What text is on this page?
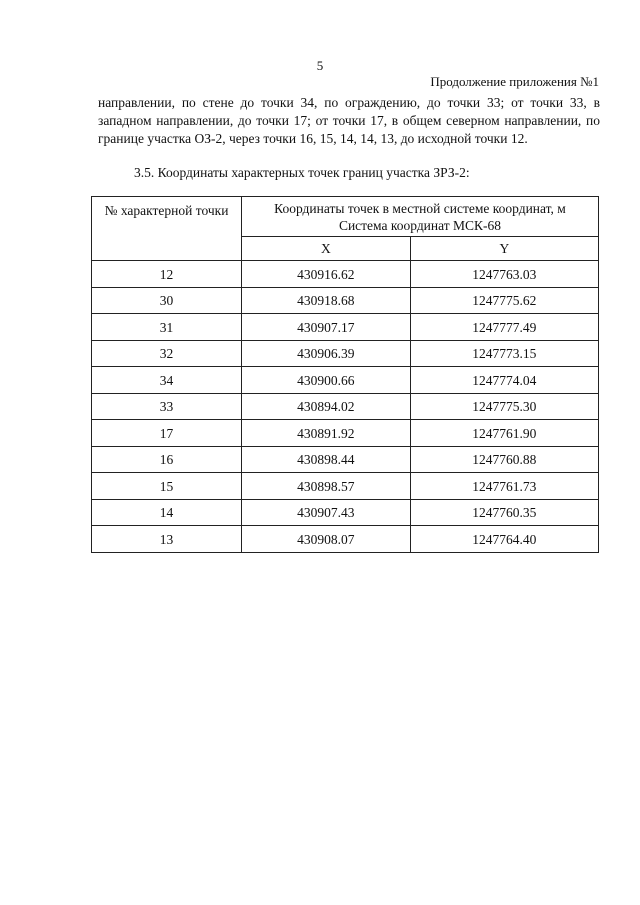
5
Продолжение приложения №1

направлении, по стене до точки 34, по ограждению, до точки 33; от точки 33, в западном направлении, до точки 17; от точки 17, в общем северном направлении, по границе участка ОЗ-2, через точки 16, 15, 14, 14, 13, до исходной точки 12.

3.5. Координаты характерных точек границ участка ЗРЗ-2:
№ характерной точки	Координаты точек в местной системе координат, м
Система координат МСК-68	

	X	Y
12	430916.62	1247763.03
30	430918.68	1247775.62
31	430907.17	1247777.49
32	430906.39	1247773.15
34	430900.66	1247774.04
33	430894.02	1247775.30
17	430891.92	1247761.90
16	430898.44	1247760.88
15	430898.57	1247761.73
14	430907.43	1247760.35
13	430908.07	1247764.40
